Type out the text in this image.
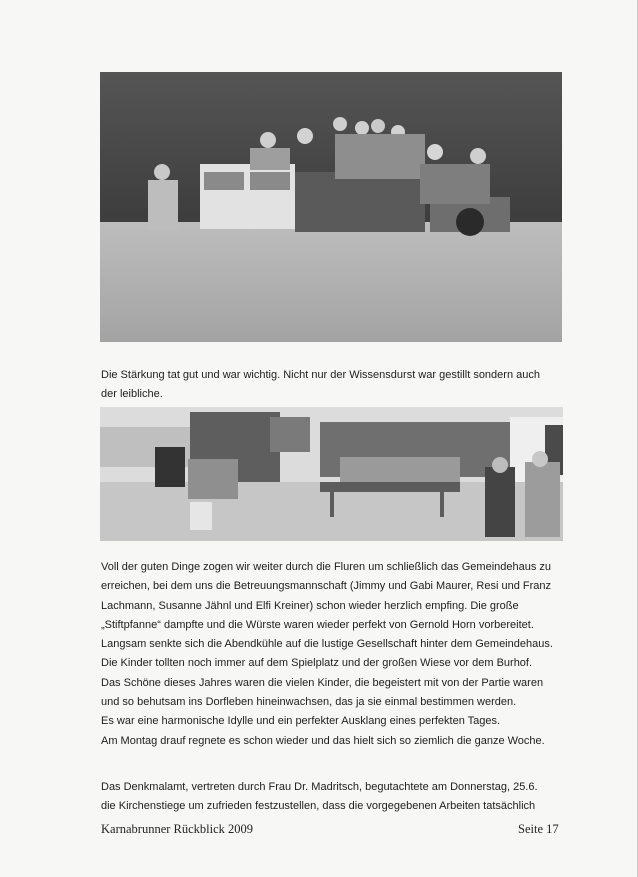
Die Stärkung tat gut und war wichtig. Nicht nur der Wissensdurst war gestillt sondern auch

der leibliche.

Voll der guten Dinge zogen wir weiter durch die Fluren um schließlich das Gemeindehaus zu

erreichen, bei dem uns die Betreuungsmannschaft (Jimmy und Gabi Maurer, Resi und Franz

Lachmann, Susanne Jähnl und Elfi Kreiner) schon wieder herzlich empfing. Die große

„Stiftpfanne“ dampfte und die Würste waren wieder perfekt von Gernold Horn vorbereitet.

Langsam senkte sich die Abendkühle auf die lustige Gesellschaft hinter dem Gemeindehaus.

Die Kinder tollten noch immer auf dem Spielplatz und der großen Wiese vor dem Burhof.

Das Schöne dieses Jahres waren die vielen Kinder, die begeistert mit von der Partie waren

und so behutsam ins Dorfleben hineinwachsen, das ja sie einmal bestimmen werden.

Es war eine harmonische Idylle und ein perfekter Ausklang eines perfekten Tages.

Am Montag drauf regnete es schon wieder und das hielt sich so ziemlich die ganze Woche.

Das Denkmalamt, vertreten durch Frau Dr. Madritsch, begutachtete am Donnerstag, 25.6.

die Kirchenstiege um zufrieden festzustellen, dass die vorgegebenen Arbeiten tatsächlich

Karnabrunner Rückblick 2009	Seite 17
